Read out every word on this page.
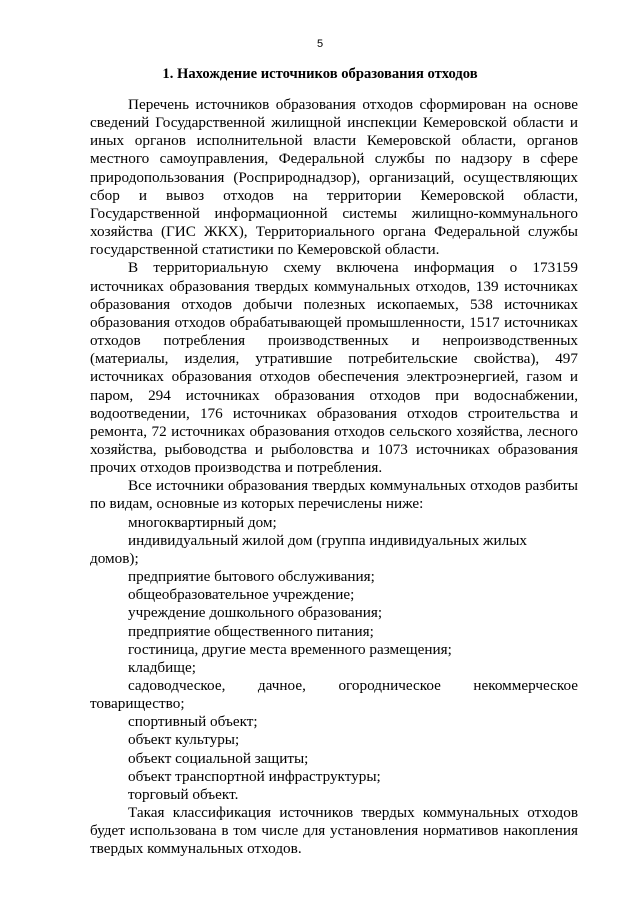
5
1. Нахождение источников образования отходов

Перечень источников образования отходов сформирован на основе сведений Государственной жилищной инспекции Кемеровской области и иных органов исполнительной власти Кемеровской области, органов местного самоуправления, Федеральной службы по надзору в сфере природопользования (Росприроднадзор), организаций, осуществляющих сбор и вывоз отходов на территории Кемеровской области, Государственной информационной системы жилищно-коммунального хозяйства (ГИС ЖКХ), Территориального органа Федеральной службы государственной статистики по Кемеровской области.

В территориальную схему включена информация о 173159 источниках образования твердых коммунальных отходов, 139 источниках образования отходов добычи полезных ископаемых, 538 источниках образования отходов обрабатывающей промышленности, 1517 источниках отходов потребления производственных и непроизводственных (материалы, изделия, утратившие потребительские свойства), 497 источниках образования отходов обеспечения электроэнергией, газом и паром, 294 источниках образования отходов при водоснабжении, водоотведении, 176 источниках образования отходов строительства и ремонта, 72 источниках образования отходов сельского хозяйства, лесного хозяйства, рыбоводства и рыболовства и 1073 источниках образования прочих отходов производства и потребления.

Все источники образования твердых коммунальных отходов разбиты по видам, основные из которых перечислены ниже:

многоквартирный дом;

индивидуальный жилой дом (группа индивидуальных жилых домов);

предприятие бытового обслуживания;

общеобразовательное учреждение;

учреждение дошкольного образования;

предприятие общественного питания;

гостиница, другие места временного размещения;

кладбище;

садоводческое, дачное, огородническое некоммерческое товарищество;

спортивный объект;

объект культуры;

объект социальной защиты;

объект транспортной инфраструктуры;

торговый объект.

Такая классификация источников твердых коммунальных отходов будет использована в том числе для установления нормативов накопления твердых коммунальных отходов.
